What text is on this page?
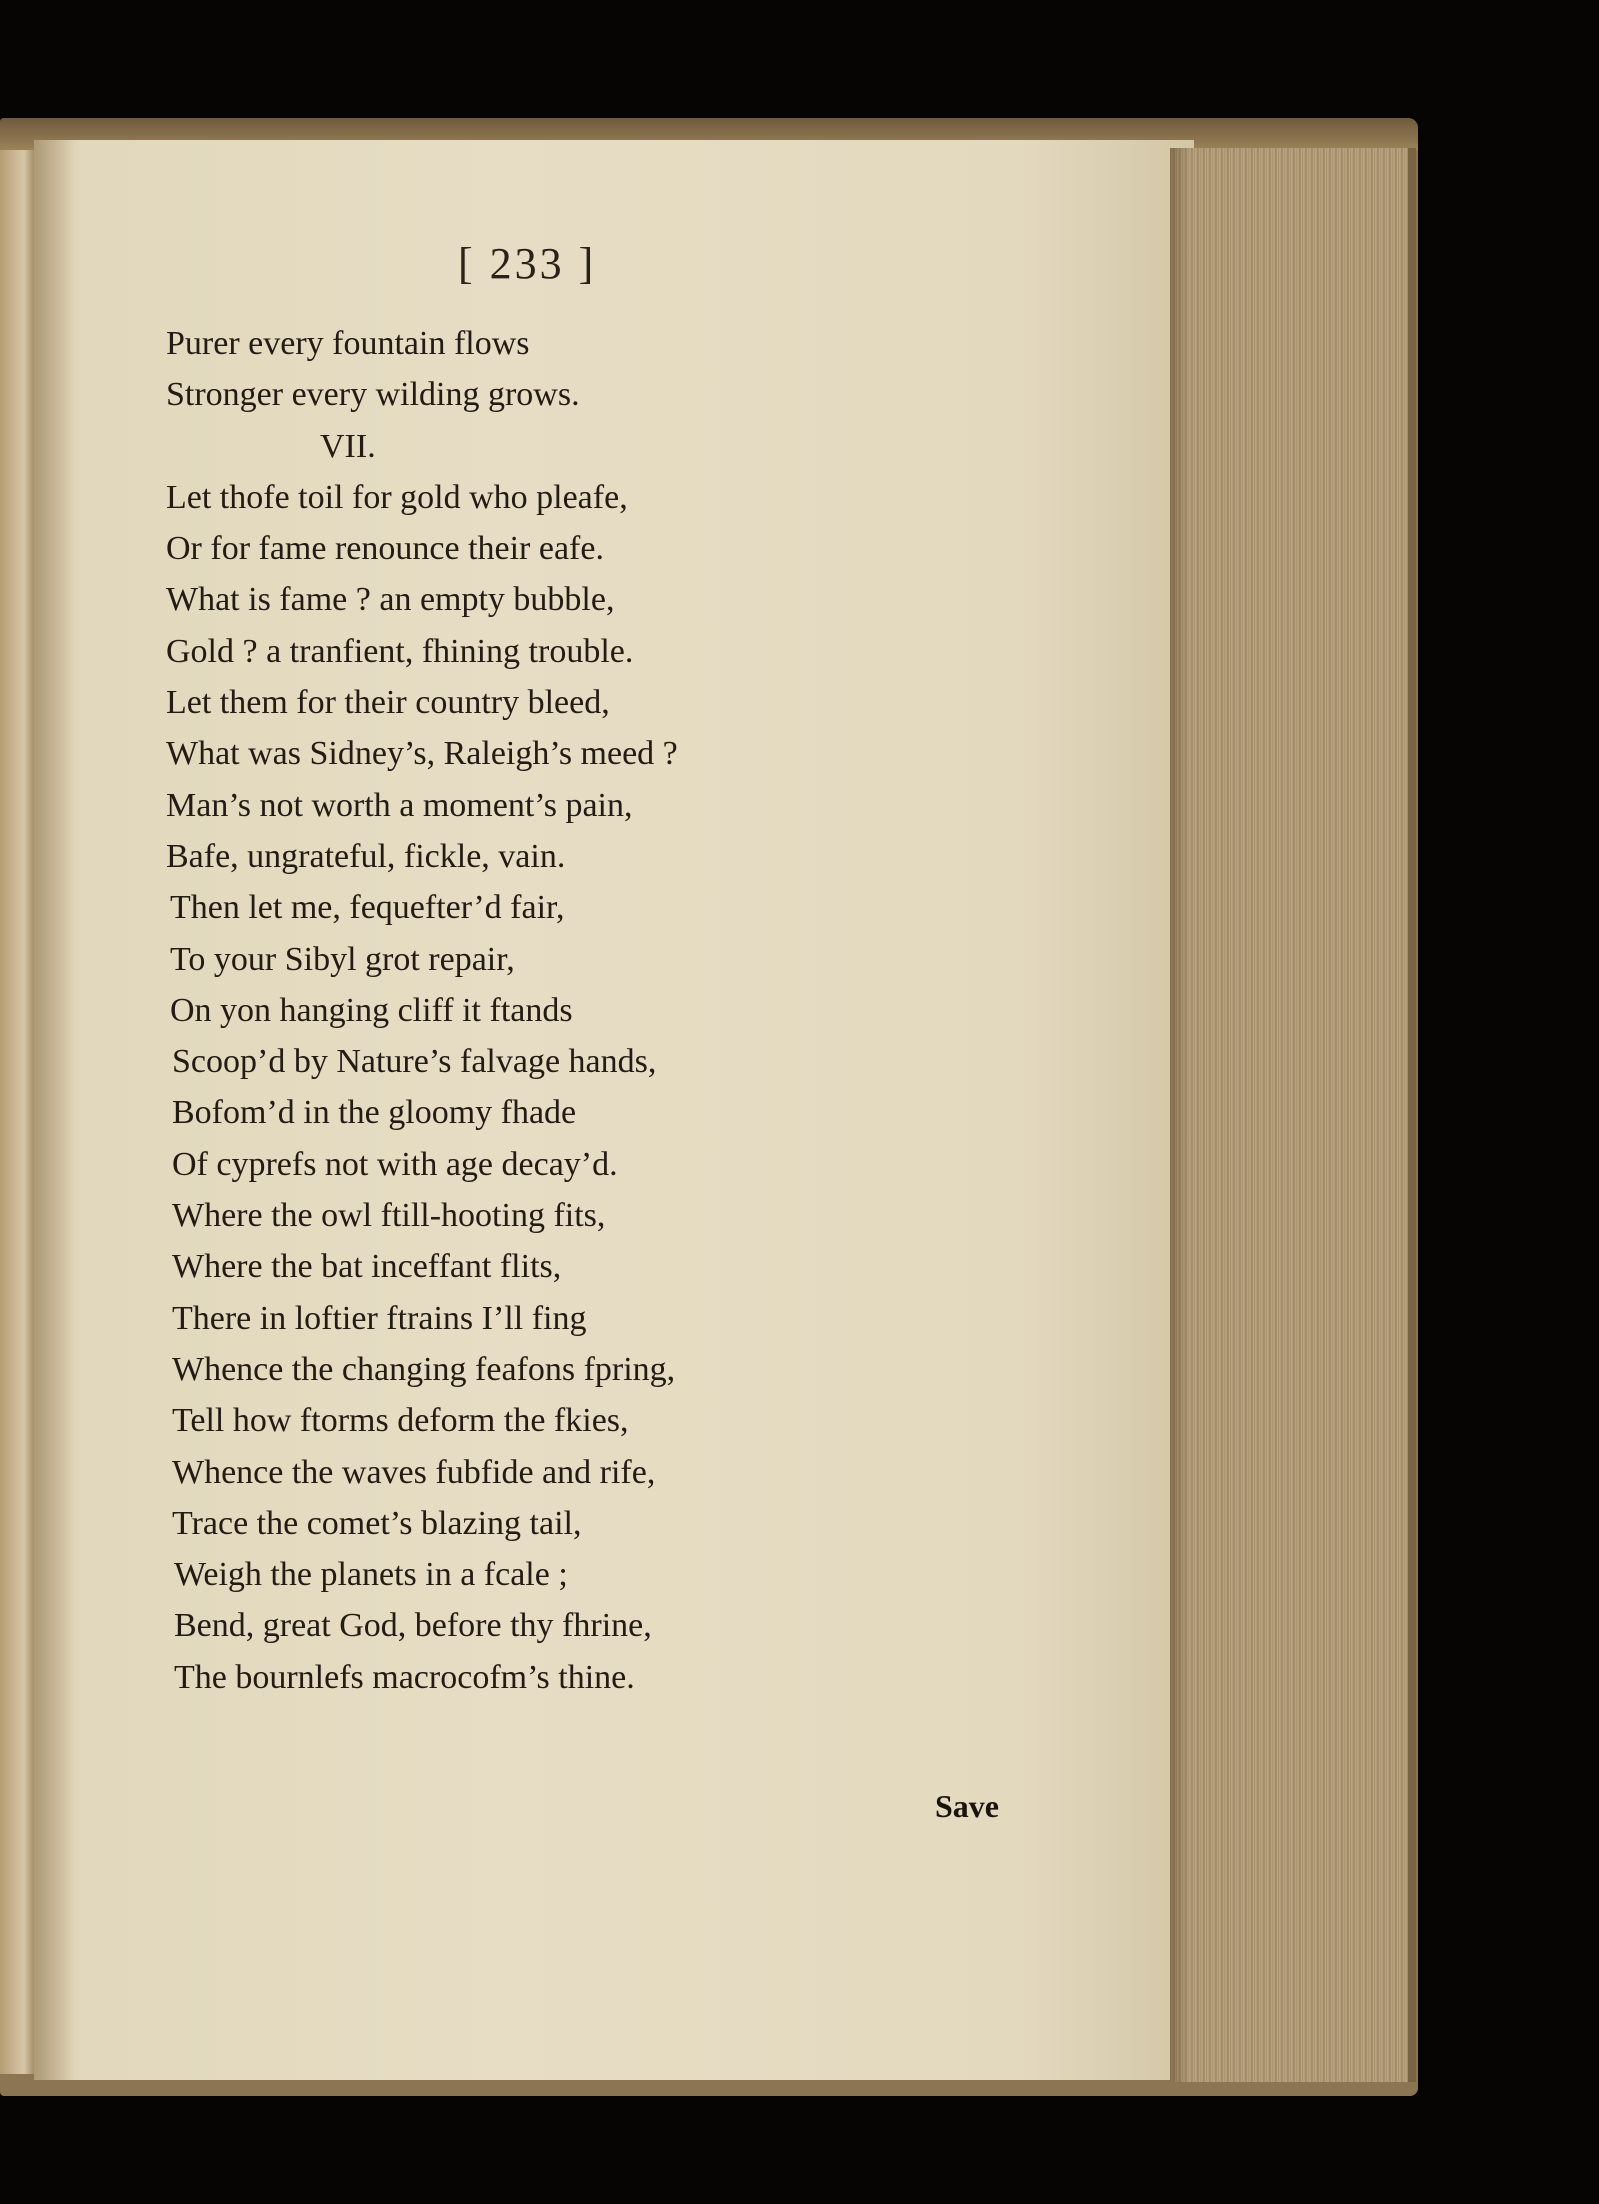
[ 233 ]
Purer every fountain flows
Stronger every wilding grows.
VII.
Let thofe toil for gold who pleafe,
Or for fame renounce their eafe.
What is fame ? an empty bubble,
Gold ? a tranfient, fhining trouble.
Let them for their country bleed,
What was Sidney’s, Raleigh’s meed ?
Man’s not worth a moment’s pain,
Bafe, ungrateful, fickle, vain.
Then let me, fequefter’d fair,
To your Sibyl grot repair,
On yon hanging cliff it ftands
Scoop’d by Nature’s falvage hands,
Bofom’d in the gloomy fhade
Of cyprefs not with age decay’d.
Where the owl ftill-hooting fits,
Where the bat inceffant flits,
There in loftier ftrains I’ll fing
Whence the changing feafons fpring,
Tell how ftorms deform the fkies,
Whence the waves fubfide and rife,
Trace the comet’s blazing tail,
Weigh the planets in a fcale ;
Bend, great God, before thy fhrine,
The bournlefs macrocofm’s thine.
Save
